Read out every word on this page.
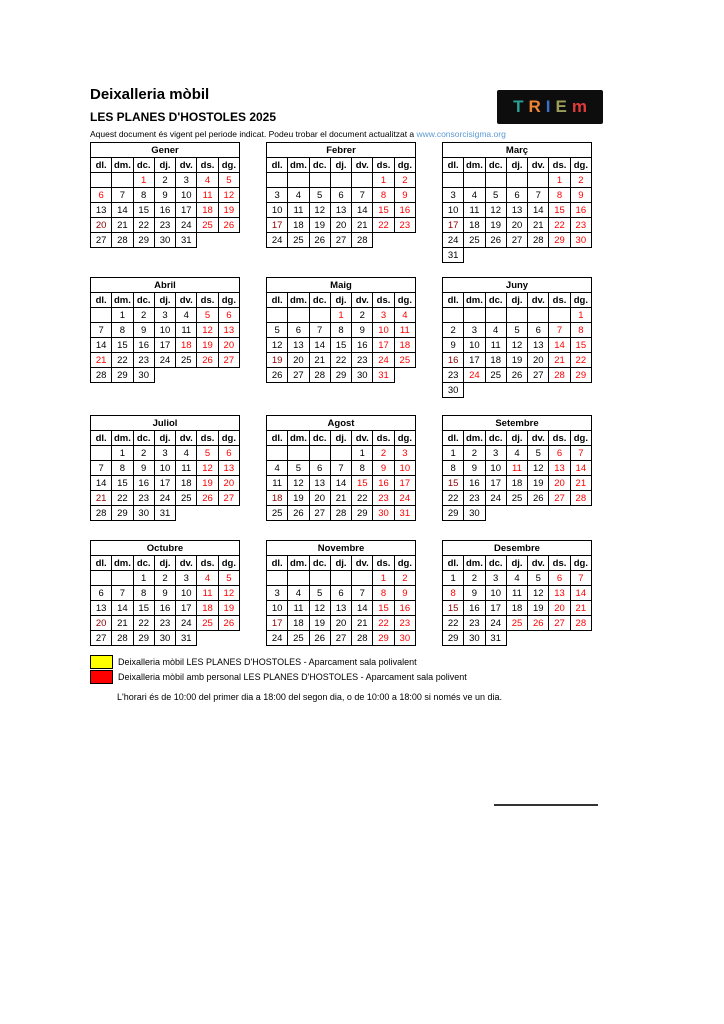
Deixalleria mòbil

LES PLANES D'HOSTOLES 2025

Aquest document és vigent pel periode indicat. Podeu trobar el document actualitzat a www.consorcisigma.org

T R I E m
Gener						
dl.	dm.	dc.	dj.	dv.	ds.	dg.
		1	2	3	4	5
6	7	8	9	10	11	12
13	14	15	16	17	18	19
20	21	22	23	24	25	26
27	28	29	30	31		
Febrer						
dl.	dm.	dc.	dj.	dv.	ds.	dg.
					1	2
3	4	5	6	7	8	9
10	11	12	13	14	15	16
17	18	19	20	21	22	23
24	25	26	27	28		
Març						
dl.	dm.	dc.	dj.	dv.	ds.	dg.
					1	2
3	4	5	6	7	8	9
10	11	12	13	14	15	16
17	18	19	20	21	22	23
24	25	26	27	28	29	30
31						
Abril						
dl.	dm.	dc.	dj.	dv.	ds.	dg.
	1	2	3	4	5	6
7	8	9	10	11	12	13
14	15	16	17	18	19	20
21	22	23	24	25	26	27
28	29	30				
Maig						
dl.	dm.	dc.	dj.	dv.	ds.	dg.
			1	2	3	4
5	6	7	8	9	10	11
12	13	14	15	16	17	18
19	20	21	22	23	24	25
26	27	28	29	30	31	
Juny						
dl.	dm.	dc.	dj.	dv.	ds.	dg.
						1
2	3	4	5	6	7	8
9	10	11	12	13	14	15
16	17	18	19	20	21	22
23	24	25	26	27	28	29
30						
Juliol						
dl.	dm.	dc.	dj.	dv.	ds.	dg.
	1	2	3	4	5	6
7	8	9	10	11	12	13
14	15	16	17	18	19	20
21	22	23	24	25	26	27
28	29	30	31			
Agost						
dl.	dm.	dc.	dj.	dv.	ds.	dg.
				1	2	3
4	5	6	7	8	9	10
11	12	13	14	15	16	17
18	19	20	21	22	23	24
25	26	27	28	29	30	31
Setembre						
dl.	dm.	dc.	dj.	dv.	ds.	dg.
1	2	3	4	5	6	7
8	9	10	11	12	13	14
15	16	17	18	19	20	21
22	23	24	25	26	27	28
29	30					
Octubre						
dl.	dm.	dc.	dj.	dv.	ds.	dg.
		1	2	3	4	5
6	7	8	9	10	11	12
13	14	15	16	17	18	19
20	21	22	23	24	25	26
27	28	29	30	31		
Novembre						
dl.	dm.	dc.	dj.	dv.	ds.	dg.
					1	2
3	4	5	6	7	8	9
10	11	12	13	14	15	16
17	18	19	20	21	22	23
24	25	26	27	28	29	30
Desembre						
dl.	dm.	dc.	dj.	dv.	ds.	dg.
1	2	3	4	5	6	7
8	9	10	11	12	13	14
15	16	17	18	19	20	21
22	23	24	25	26	27	28
29	30	31				
Deixalleria mòbil LES PLANES D'HOSTOLES - Aparcament sala polivalent
Deixalleria mòbil amb personal LES PLANES D'HOSTOLES - Aparcament sala polivent
L'horari és de 10:00 del primer dia a 18:00 del segon dia, o de 10:00 a 18:00 si només ve un dia.
